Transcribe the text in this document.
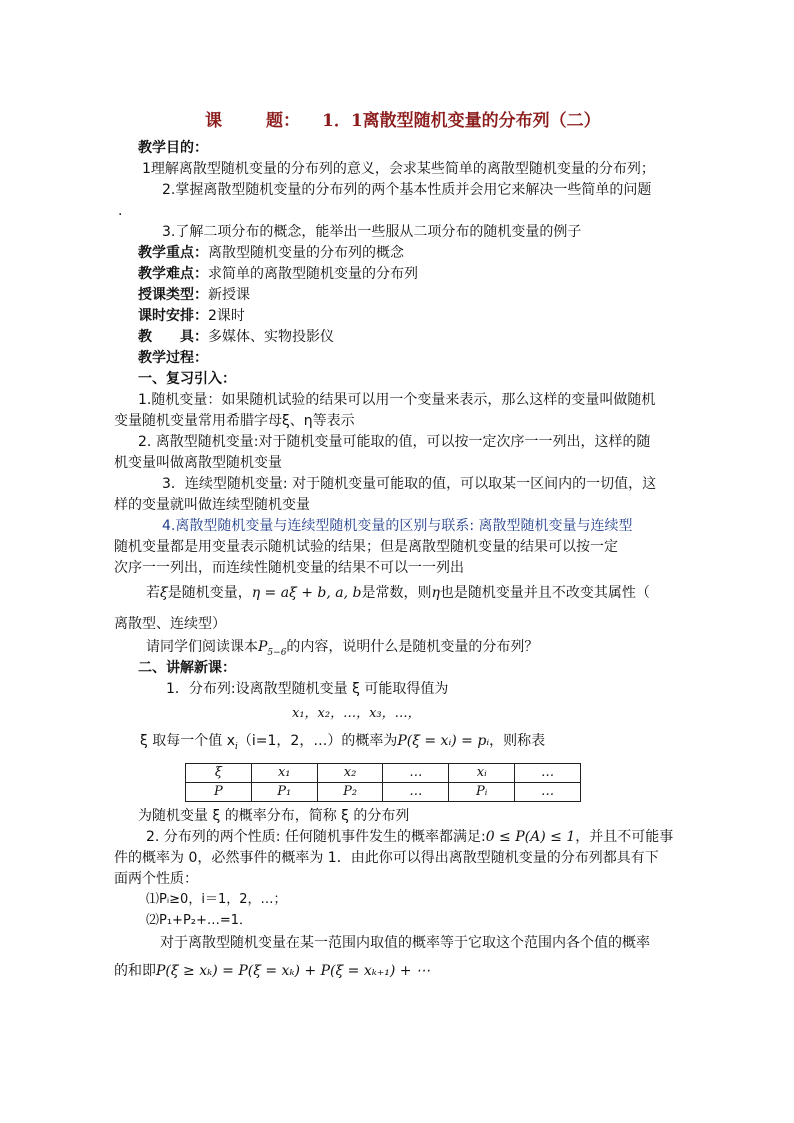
课	题： 1．1离散型随机变量的分布列（二）
教学目的：
1理解离散型随机变量的分布列的意义，会求某些简单的离散型随机变量的分布列；
2.掌握离散型随机变量的分布列的两个基本性质并会用它来解决一些简单的问题
.
3.了解二项分布的概念，能举出一些服从二项分布的随机变量的例子
教学重点：离散型随机变量的分布列的概念
教学难点：求简单的离散型随机变量的分布列
授课类型：新授课
课时安排：2课时
教　　具：多媒体、实物投影仪
教学过程：
一、复习引入：
1.随机变量：如果随机试验的结果可以用一个变量来表示，那么这样的变量叫做随机
变量随机变量常用希腊字母ξ、η等表示
2. 离散型随机变量:对于随机变量可能取的值，可以按一定次序一一列出，这样的随
机变量叫做离散型随机变量
3．连续型随机变量: 对于随机变量可能取的值，可以取某一区间内的一切值，这
样的变量就叫做连续型随机变量
4.离散型随机变量与连续型随机变量的区别与联系: 离散型随机变量与连续型
随机变量都是用变量表示随机试验的结果；但是离散型随机变量的结果可以按一定
次序一一列出，而连续性随机变量的结果不可以一一列出
若ξ是随机变量，η = aξ + b, a, b是常数，则η也是随机变量并且不改变其属性（
离散型、连续型）
请同学们阅读课本$P_{5-6}$的内容，说明什么是随机变量的分布列？
二、讲解新课：
1．分布列:设离散型随机变量 ξ 可能取得值为
x₁，x₂，…，x₃，…，
ξ 取每一个值 $x_i(i=1$，2，…）的概率为P(ξ = xᵢ) = pᵢ，则称表
ξ	x₁	x₂	…	xᵢ	…
P	P₁	P₂	…	Pᵢ	…
为随机变量 ξ 的概率分布，简称 ξ 的分布列
2. 分布列的两个性质: 任何随机事件发生的概率都满足:0 ≤ P(A) ≤ 1，并且不可能事
件的概率为 0，必然事件的概率为 1．由此你可以得出离散型随机变量的分布列都具有下
面两个性质：
⑴Pᵢ≥0，i＝1，2，…；
⑵P₁+P₂+…=1．
对于离散型随机变量在某一范围内取值的概率等于它取这个范围内各个值的概率
的和即P(ξ ≥ xₖ) = P(ξ = xₖ) + P(ξ = xₖ₊₁) + ⋯
